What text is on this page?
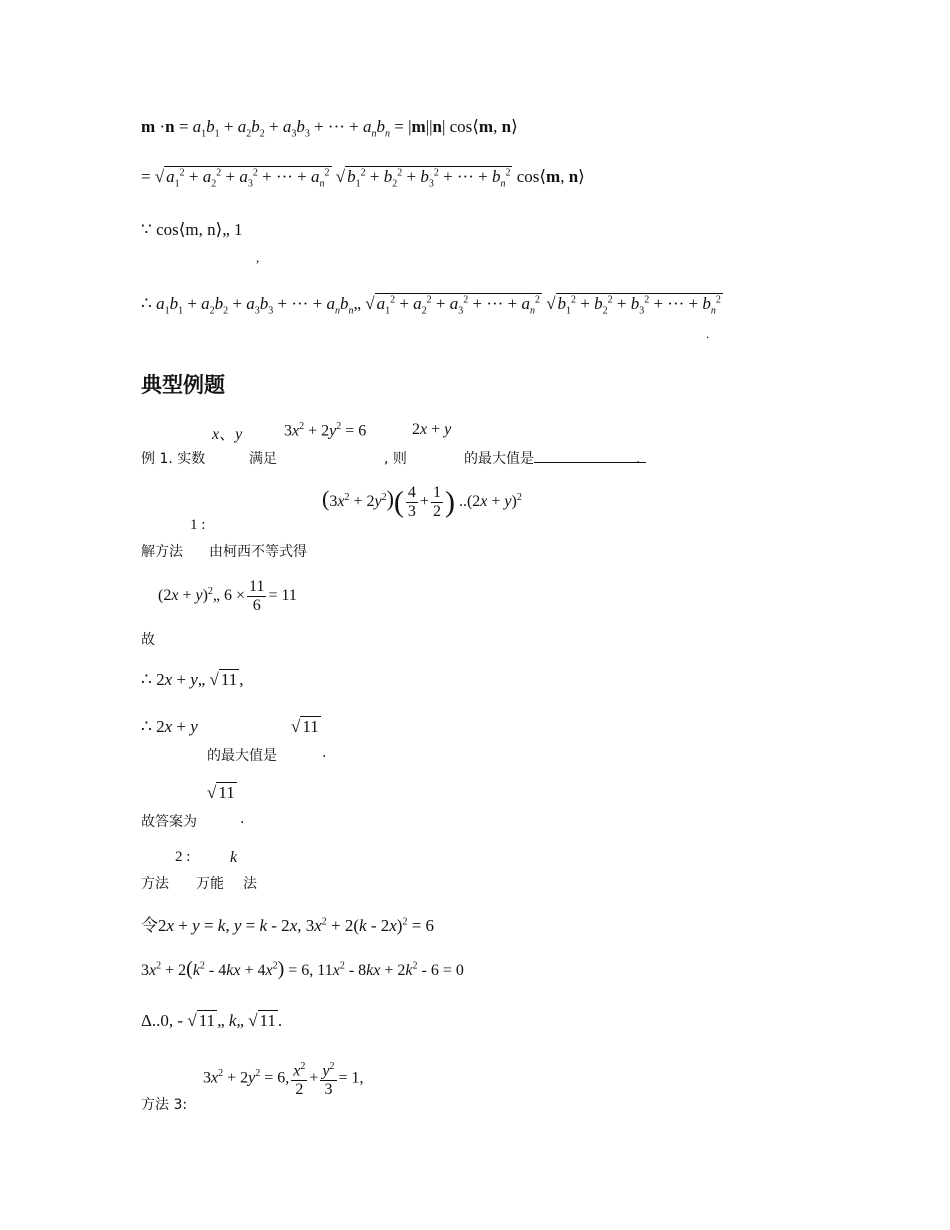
$m \cdot n = a_1b_1 + a_2b_2 + a_3b_3$ + ··· + $a_nb_n = |m||n|$ cos⟨m, n⟩
= √ $a_1^2 + a_2^2 + a_3^2$ + ··· + $a_n^2$ √ $b_1^2 + b_2^2 + b_3^2$ + ··· + $b_n^2$ cos⟨m, n⟩
∵ cos⟨m, n⟩„ 1
,
∴ $a_1b_1 + a_2b_2 + a_3b_3$ + ··· + $a_nb_n„$ √ $a_1^2 + a_2^2 + a_3^2$ + ··· + $a_n^2$ √ $b_1^2 + b_2^2 + b_3^2$ + ··· + $b_n^2$
.
典型例题
x、y	$3x^2 + 2y^2 = 6$	2x + y
例 1. 实数	满足	, 则	的最大值是	.
$(3x^2 + 2y^2)( \frac{4}{3} + \frac{1}{2}$ ) $..(2x + y)^2$
1 :
解方法 由柯西不等式得
$(2x + y)^2„$ $6 \times \frac{11}{6} = 11$
故
∴ 2x + y„ √ 11 ,
∴ 2x + y	√ 11
的最大值是	.
√ 11
故答案为	.
2 : k
方法 万能 法
令2x + y = k, y = k - 2x, $3x^2 + 2(k - 2x)^2 = 6$
$3x^2 + 2(k^2 - 4kx + 4x^2) = 6$, $11x^2 - 8kx + 2k^2 - 6 = 0$
Δ..0, - √ 11 „ k„ √ 11 .
$3x^2 + 2y^2 = 6$, $\frac{x^2}{2} + \frac{y^2}{3} = 1$,
方法 3:
